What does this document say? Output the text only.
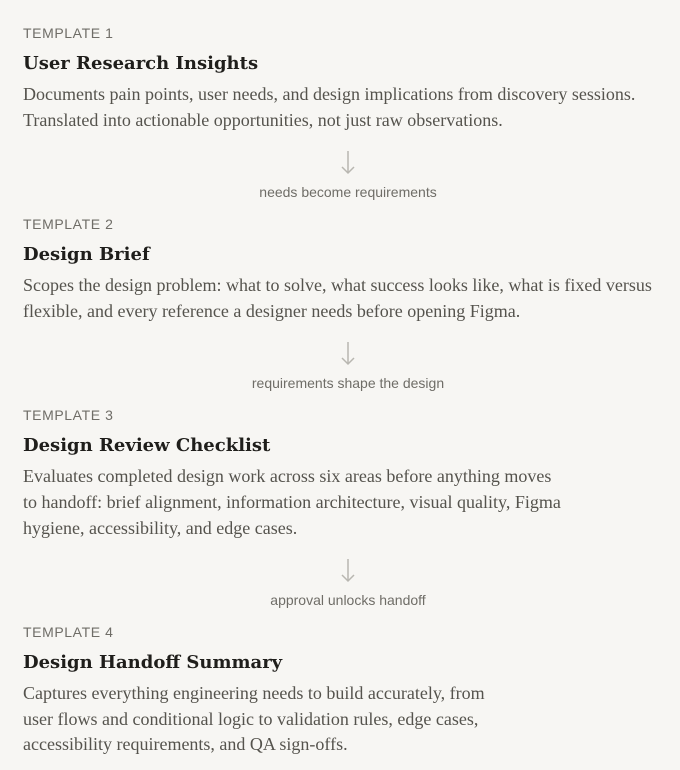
TEMPLATE 1
User Research Insights
Documents pain points, user needs, and design implications from discovery sessions. Translated into actionable opportunities, not just raw observations.
needs become requirements
TEMPLATE 2
Design Brief
Scopes the design problem: what to solve, what success looks like, what is fixed versus flexible, and every reference a designer needs before opening Figma.
requirements shape the design
TEMPLATE 3
Design Review Checklist
Evaluates completed design work across six areas before anything moves to handoff: brief alignment, information architecture, visual quality, Figma hygiene, accessibility, and edge cases.
approval unlocks handoff
TEMPLATE 4
Design Handoff Summary
Captures everything engineering needs to build accurately, from user flows and conditional logic to validation rules, edge cases, accessibility requirements, and QA sign-offs.
